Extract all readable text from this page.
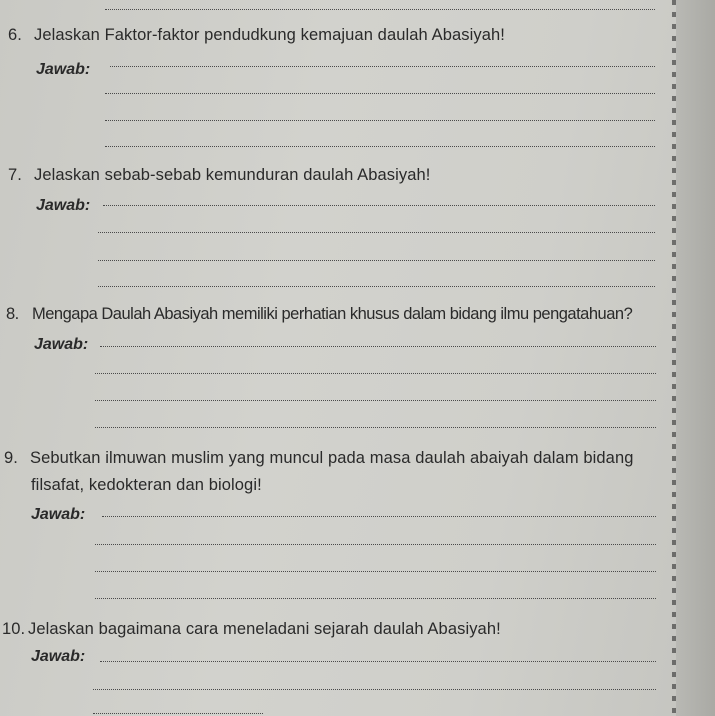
6. Jelaskan Faktor-faktor pendudkung kemajuan daulah Abasiyah!
Jawab:
7. Jelaskan sebab-sebab kemunduran daulah Abasiyah!
Jawab:
8. Mengapa Daulah Abasiyah memiliki perhatian khusus dalam bidang ilmu pengatahuan?
Jawab:
9. Sebutkan ilmuwan muslim yang muncul pada masa daulah abaiyah dalam bidang
filsafat, kedokteran dan biologi!
Jawab:
10. Jelaskan bagaimana cara meneladani sejarah daulah Abasiyah!
Jawab:
